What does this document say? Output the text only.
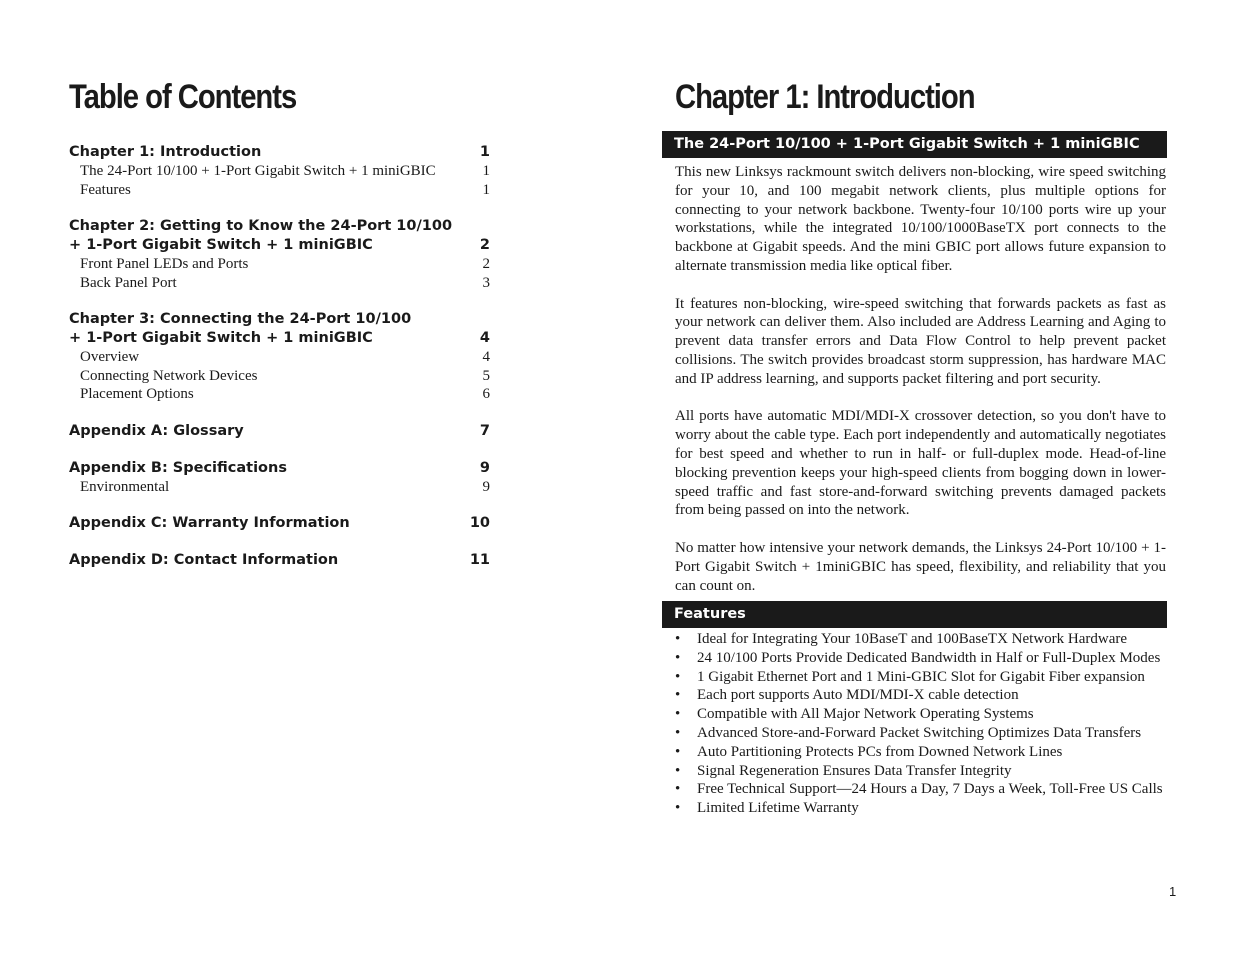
Table of Contents
Chapter 1: Introduction	1
The 24-Port 10/100 + 1-Port Gigabit Switch + 1 miniGBIC	1
Features	1
Chapter 2: Getting to Know the 24-Port 10/100
+ 1-Port Gigabit Switch + 1 miniGBIC	2
Front Panel LEDs and Ports	2
Back Panel Port	3
Chapter 3: Connecting the 24-Port 10/100
+ 1-Port Gigabit Switch + 1 miniGBIC	4
Overview	4
Connecting Network Devices	5
Placement Options	6
Appendix A: Glossary	7
Appendix B: Specifications	9
Environmental	9
Appendix C: Warranty Information	10
Appendix D: Contact Information	11
Chapter 1: Introduction
The 24-Port 10/100 + 1-Port Gigabit Switch + 1 miniGBIC

This new Linksys rackmount switch delivers non-blocking, wire speed switching for your 10, and 100 megabit network clients, plus multiple options for connecting to your network backbone. Twenty-four 10/100 ports wire up your workstations, while the integrated 10/100/1000BaseTX port connects to the backbone at Gigabit speeds. And the mini GBIC port allows future expansion to alternate transmission media like optical fiber.

It features non-blocking, wire-speed switching that forwards packets as fast as your network can deliver them. Also included are Address Learning and Aging to prevent data transfer errors and Data Flow Control to help prevent packet collisions. The switch provides broadcast storm suppression, has hardware MAC and IP address learning, and supports packet filtering and port security.

All ports have automatic MDI/MDI-X crossover detection, so you don't have to worry about the cable type. Each port independently and automatically negotiates for best speed and whether to run in half- or full-duplex mode. Head-of-line blocking prevention keeps your high-speed clients from bogging down in lower-speed traffic and fast store-and-forward switching prevents damaged packets from being passed on into the network.

No matter how intensive your network demands, the Linksys 24-Port 10/100 + 1-Port Gigabit Switch + 1miniGBIC has speed, flexibility, and reliability that you can count on.

Features
• Ideal for Integrating Your 10BaseT and 100BaseTX Network Hardware
• 24 10/100 Ports Provide Dedicated Bandwidth in Half or Full-Duplex Modes
• 1 Gigabit Ethernet Port and 1 Mini-GBIC Slot for Gigabit Fiber expansion
• Each port supports Auto MDI/MDI-X cable detection
• Compatible with All Major Network Operating Systems
• Advanced Store-and-Forward Packet Switching Optimizes Data Transfers
• Auto Partitioning Protects PCs from Downed Network Lines
• Signal Regeneration Ensures Data Transfer Integrity
• Free Technical Support—24 Hours a Day, 7 Days a Week, Toll-Free US Calls
• Limited Lifetime Warranty
1
